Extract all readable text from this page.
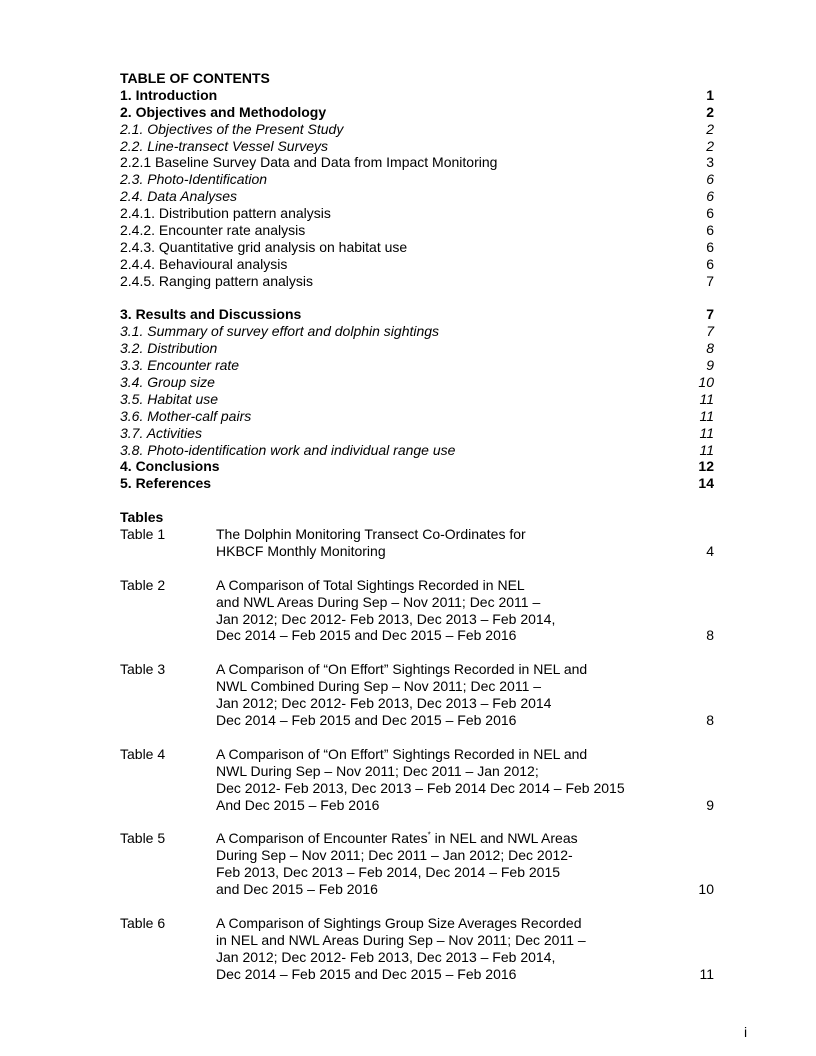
TABLE OF CONTENTS
1. Introduction	1
2. Objectives and Methodology	2
2.1. Objectives of the Present Study	2
2.2. Line-transect Vessel Surveys	2
2.2.1 Baseline Survey Data and Data from Impact Monitoring	3
2.3. Photo-Identification	6
2.4. Data Analyses	6
2.4.1. Distribution pattern analysis	6
2.4.2. Encounter rate analysis	6
2.4.3. Quantitative grid analysis on habitat use	6
2.4.4. Behavioural analysis	6
2.4.5. Ranging pattern analysis	7
3. Results and Discussions	7
3.1. Summary of survey effort and dolphin sightings	7
3.2. Distribution	8
3.3. Encounter rate	9
3.4. Group size	10
3.5. Habitat use	11
3.6. Mother-calf pairs	11
3.7. Activities	11
3.8. Photo-identification work and individual range use	11
4. Conclusions	12
5. References	14
Tables
Table 1	The Dolphin Monitoring Transect Co-Ordinates for
HKBCF Monthly Monitoring	4
Table 2	A Comparison of Total Sightings Recorded in NEL
and NWL Areas During Sep – Nov 2011; Dec 2011 –
Jan 2012; Dec 2012- Feb 2013, Dec 2013 – Feb 2014,
Dec 2014 – Feb 2015 and Dec 2015 – Feb 2016	8
Table 3	A Comparison of “On Effort” Sightings Recorded in NEL and
NWL Combined During Sep – Nov 2011; Dec 2011 –
Jan 2012; Dec 2012- Feb 2013, Dec 2013 – Feb 2014
Dec 2014 – Feb 2015 and Dec 2015 – Feb 2016	8
Table 4	A Comparison of “On Effort” Sightings Recorded in NEL and
NWL During Sep – Nov 2011; Dec 2011 – Jan 2012;
Dec 2012- Feb 2013, Dec 2013 – Feb 2014 Dec 2014 – Feb 2015
And Dec 2015 – Feb 2016	9
Table 5	A Comparison of Encounter Rates* in NEL and NWL Areas
During Sep – Nov 2011; Dec 2011 – Jan 2012; Dec 2012-
Feb 2013, Dec 2013 – Feb 2014, Dec 2014 – Feb 2015
and Dec 2015 – Feb 2016	10
Table 6	A Comparison of Sightings Group Size Averages Recorded
in NEL and NWL Areas During Sep – Nov 2011; Dec 2011 –
Jan 2012; Dec 2012- Feb 2013, Dec 2013 – Feb 2014,
Dec 2014 – Feb 2015 and Dec 2015 – Feb 2016	11
i
